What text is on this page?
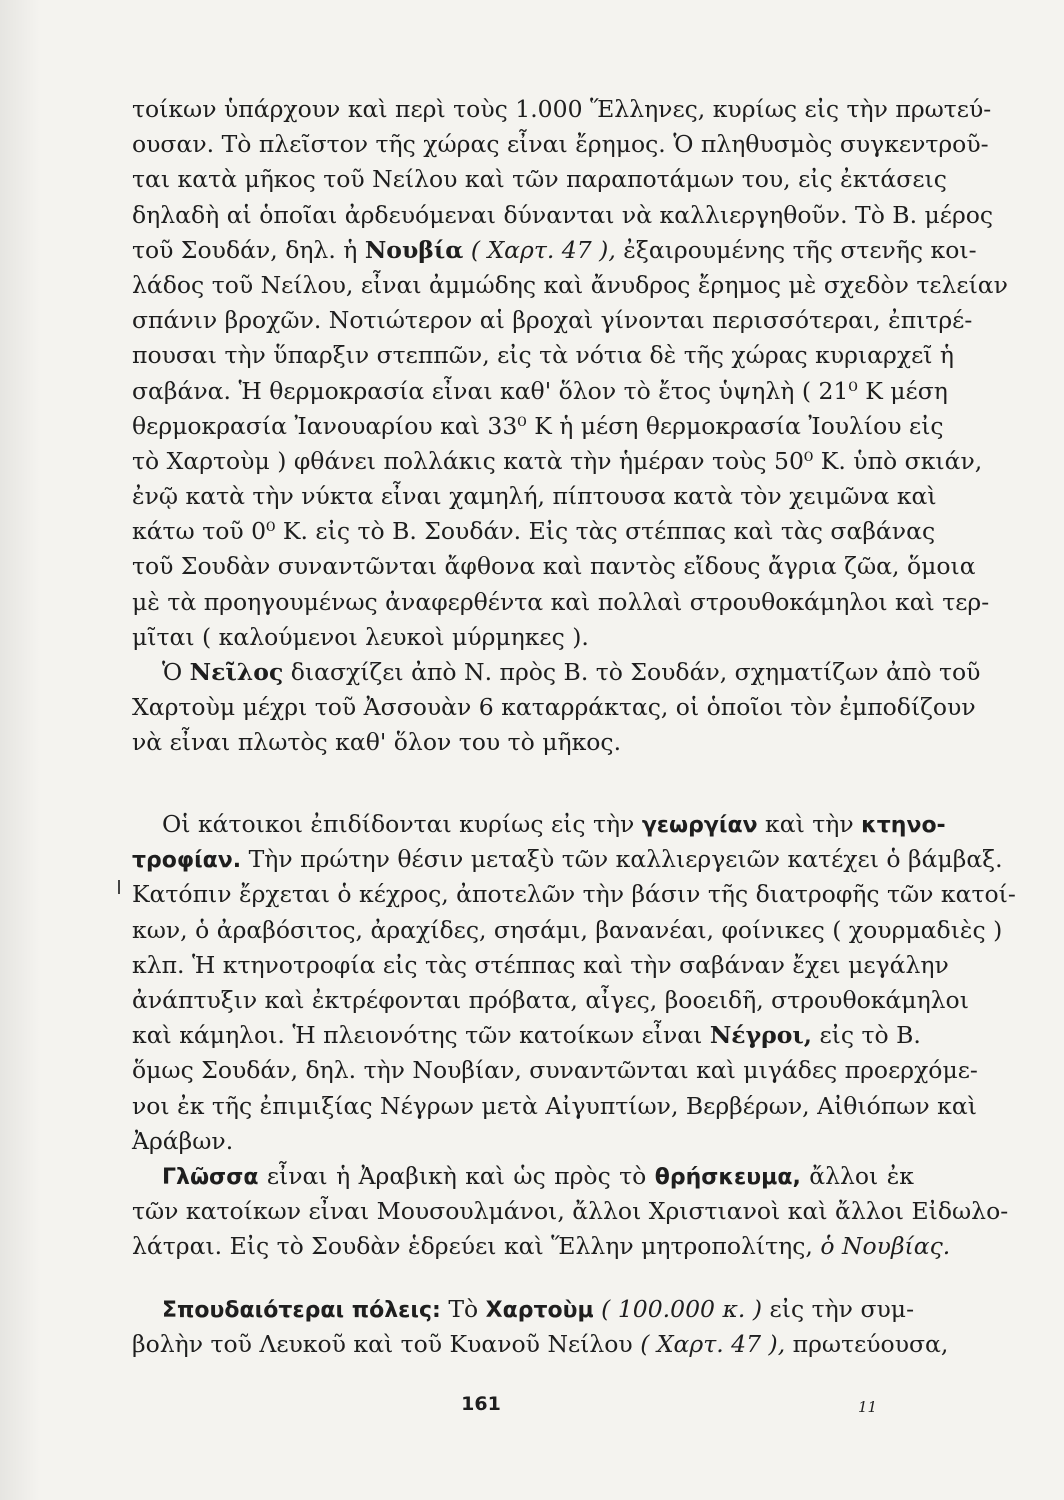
τοίκων ὑπάρχουν καὶ περὶ τοὺς 1.000 Ἕλληνες, κυρίως εἰς τὴν πρωτεύ-
ουσαν. Τὸ πλεῖστον τῆς χώρας εἶναι ἔρημος. Ὁ πληθυσμὸς συγκεντροῦ-
ται κατὰ μῆκος τοῦ Νείλου καὶ τῶν παραποτάμων του, εἰς ἐκτάσεις
δηλαδὴ αἱ ὁποῖαι ἀρδευόμεναι δύνανται νὰ καλλιεργηθοῦν. Τὸ Β. μέρος
τοῦ Σουδάν, δηλ. ἡ Νουβία ( Χαρτ. 47 ), ἐξαιρουμένης τῆς στενῆς κοι-
λάδος τοῦ Νείλου, εἶναι ἀμμώδης καὶ ἄνυδρος ἔρημος μὲ σχεδὸν τελείαν
σπάνιν βροχῶν. Νοτιώτερον αἱ βροχαὶ γίνονται περισσότεραι, ἐπιτρέ-
πουσαι τὴν ὕπαρξιν στεππῶν, εἰς τὰ νότια δὲ τῆς χώρας κυριαρχεῖ ἡ
σαβάνα. Ἡ θερμοκρασία εἶναι καθ' ὅλον τὸ ἔτος ὑψηλὴ ( 21⁰ Κ μέση
θερμοκρασία Ἰανουαρίου καὶ 33⁰ Κ ἡ μέση θερμοκρασία Ἰουλίου εἰς
τὸ Χαρτοὺμ ) φθάνει πολλάκις κατὰ τὴν ἡμέραν τοὺς 50⁰ Κ. ὑπὸ σκιάν,
ἐνῷ κατὰ τὴν νύκτα εἶναι χαμηλή, πίπτουσα κατὰ τὸν χειμῶνα καὶ
κάτω τοῦ 0⁰ Κ. εἰς τὸ Β. Σουδάν. Εἰς τὰς στέππας καὶ τὰς σαβάνας
τοῦ Σουδὰν συναντῶνται ἄφθονα καὶ παντὸς εἴδους ἄγρια ζῶα, ὅμοια
μὲ τὰ προηγουμένως ἀναφερθέντα καὶ πολλαὶ στρουθοκάμηλοι καὶ τερ-
μῖται ( καλούμενοι λευκοὶ μύρμηκες ).
Ὁ Νεῖλος διασχίζει ἀπὸ Ν. πρὸς Β. τὸ Σουδάν, σχηματίζων ἀπὸ τοῦ
Χαρτοὺμ μέχρι τοῦ Ἀσσουὰν 6 καταρράκτας, οἱ ὁποῖοι τὸν ἐμποδίζουν
νὰ εἶναι πλωτὸς καθ' ὅλον του τὸ μῆκος.
Οἱ κάτοικοι ἐπιδίδονται κυρίως εἰς τὴν γεωργίαν καὶ τὴν κτηνο-
τροφίαν. Τὴν πρώτην θέσιν μεταξὺ τῶν καλλιεργειῶν κατέχει ὁ βάμβαξ.
Κατόπιν ἔρχεται ὁ κέχρος, ἀποτελῶν τὴν βάσιν τῆς διατροφῆς τῶν κατοί-
κων, ὁ ἀραβόσιτος, ἀραχίδες, σησάμι, βανανέαι, φοίνικες ( χουρμαδιὲς )
κλπ. Ἡ κτηνοτροφία εἰς τὰς στέππας καὶ τὴν σαβάναν ἔχει μεγάλην
ἀνάπτυξιν καὶ ἐκτρέφονται πρόβατα, αἶγες, βοοειδῆ, στρουθοκάμηλοι
καὶ κάμηλοι. Ἡ πλειονότης τῶν κατοίκων εἶναι Νέγροι, εἰς τὸ Β.
ὅμως Σουδάν, δηλ. τὴν Νουβίαν, συναντῶνται καὶ μιγάδες προερχόμε-
νοι ἐκ τῆς ἐπιμιξίας Νέγρων μετὰ Αἰγυπτίων, Βερβέρων, Αἰθιόπων καὶ
Ἀράβων.
Γλῶσσα εἶναι ἡ Ἀραβικὴ καὶ ὡς πρὸς τὸ θρήσκευμα, ἄλλοι ἐκ
τῶν κατοίκων εἶναι Μουσουλμάνοι, ἄλλοι Χριστιανοὶ καὶ ἄλλοι Εἰδωλο-
λάτραι. Εἰς τὸ Σουδὰν ἑδρεύει καὶ Ἕλλην μητροπολίτης, ὁ Νουβίας.
Σπουδαιότεραι πόλεις: Τὸ Χαρτοὺμ ( 100.000 κ. ) εἰς τὴν συμ-
βολὴν τοῦ Λευκοῦ καὶ τοῦ Κυανοῦ Νείλου ( Χαρτ. 47 ), πρωτεύουσα,
161	11
